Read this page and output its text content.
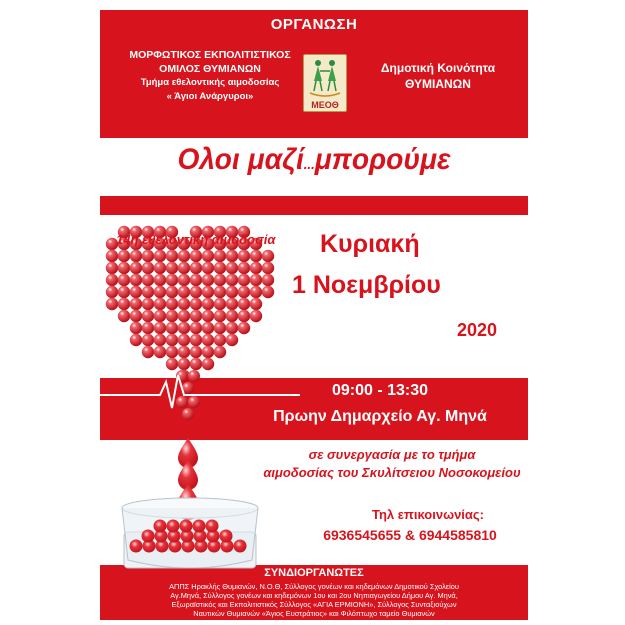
ΟΡΓΑΝΩΣΗ
ΜΟΡΦΩΤΙΚΟΣ ΕΚΠΟΛΙΤΙΣΤΙΚΟΣ
ΟΜΙΛΟΣ ΘΥΜΙΑΝΩΝ
Τμήμα εθελοντικής αιμοδοσίας
« Άγιοι Ανάργυροι»
ΜΕΟΘ
Δημοτική Κοινότητα
ΘΥΜΙΑΝΩΝ
Ολοι μαζί...μπορούμε
14η εθελοντική αιμοδοσία Κυριακή
1 Νοεμβρίου
2020
09:00 - 13:30
Πρωην Δημαρχείο Αγ. Μηνά
σε συνεργασία με το τμήμα
αιμοδοσίας του Σκυλίτσειου Νοσοκομείου
Τηλ επικοινωνίας:
6936545655 & 6944585810
ΣΥΝΔΙΟΡΓΑΝΩΤΕΣ
ΑΠΠΣ Ηρακλής Θυμιανών, Ν.Ο.Θ, Σύλλογος γονέων και κηδεμόνων Δημοτικού Σχολείου
Αγ.Μηνά, Σύλλογος γονέων και κηδεμόνων 1ου και 2ου Νηπιαγωγείου Δήμου Αγ. Μηνά,
Εξωραϊστικός και Εκπολιτιστικός Σύλλογος «ΑΓΙΑ ΕΡΜΙΟΝΗ», Σύλλογος Συνταξιούχων
Ναυτικών Θυμιανών «Άγιος Ευστράτιος» και Φιλόπτωχο ταμείο Θυμιανών
